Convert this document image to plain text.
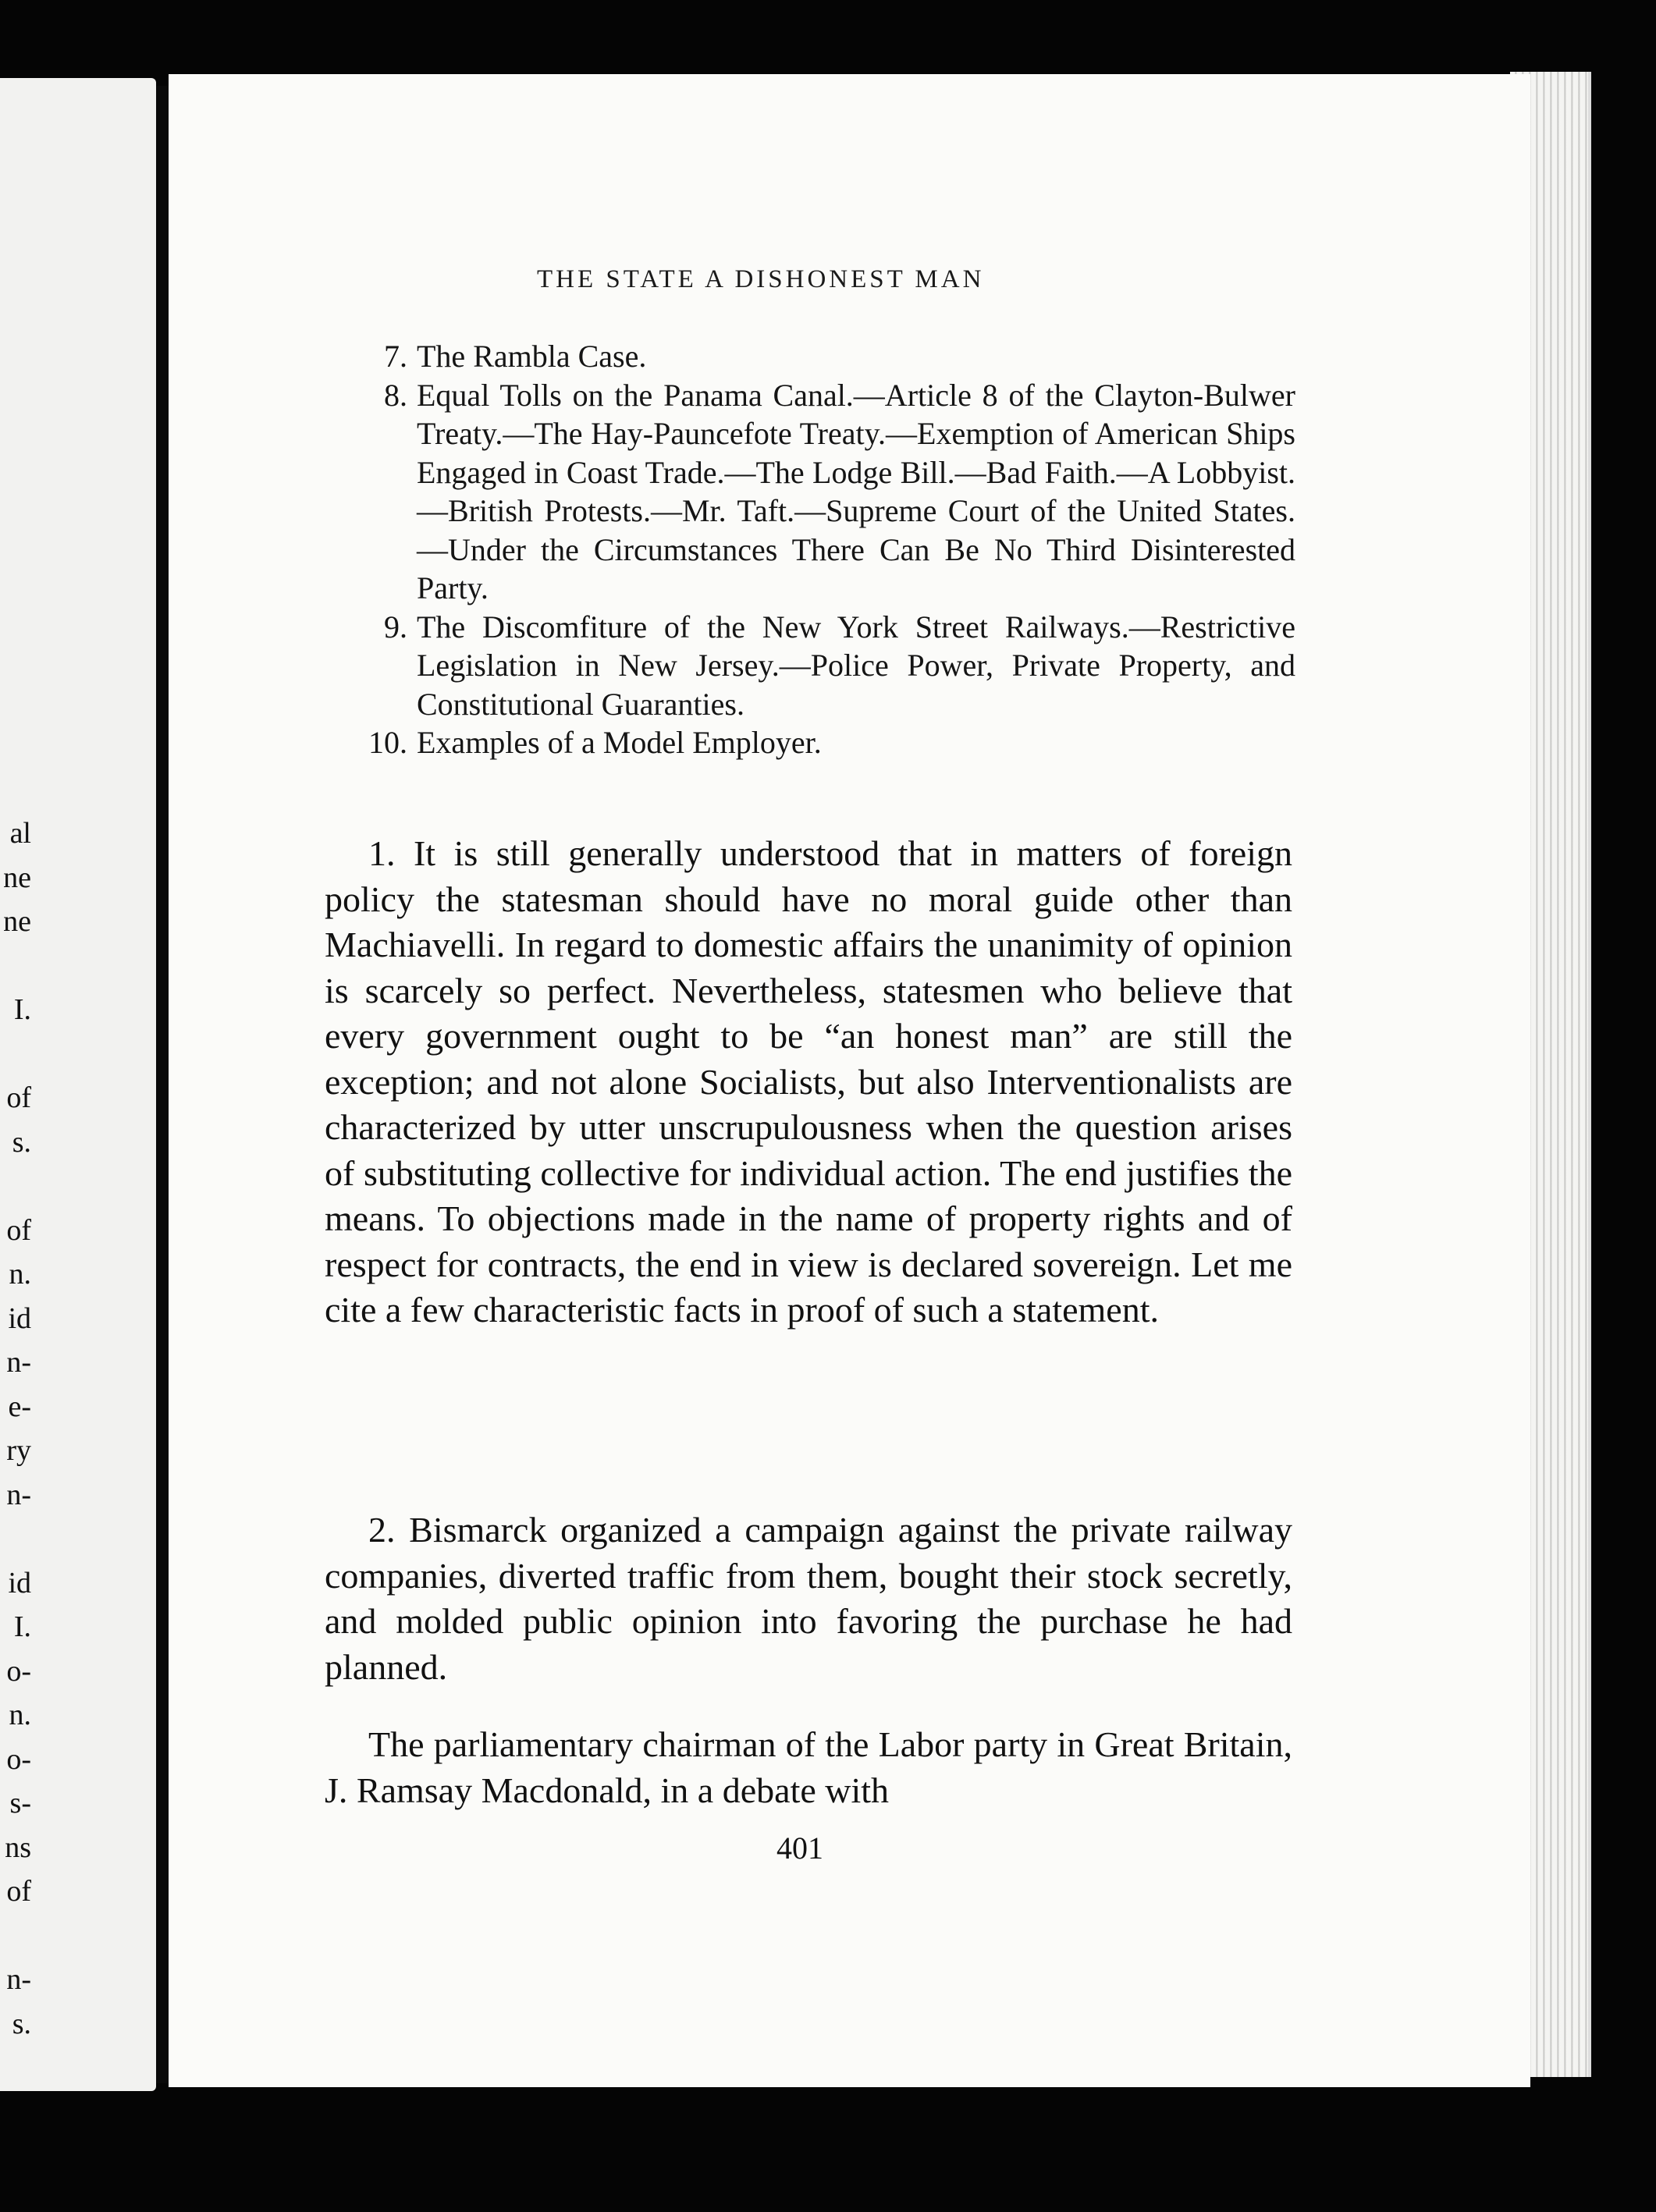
al
ne
ne
I.
of
s.
of
n.
id
n-
e-
ry
n-
id
I.
o-
n.
o-
s-
ns
of
n-
s.
THE STATE A DISHONEST MAN
7. The Rambla Case.
8. Equal Tolls on the Panama Canal.—Article 8 of the Clayton-Bulwer Treaty.—The Hay-Pauncefote Treaty.—Exemption of American Ships Engaged in Coast Trade.—The Lodge Bill.—Bad Faith.—A Lobbyist.—British Protests.—Mr. Taft.—Supreme Court of the United States.—Under the Circumstances There Can Be No Third Disinterested Party.
9. The Discomfiture of the New York Street Railways.—Restrictive Legislation in New Jersey.—Police Power, Private Property, and Constitutional Guaranties.
10. Examples of a Model Employer.

1. It is still generally understood that in matters of foreign policy the statesman should have no moral guide other than Machiavelli. In regard to domestic affairs the unanimity of opinion is scarcely so perfect. Nevertheless, statesmen who believe that every government ought to be “an honest man” are still the exception; and not alone Socialists, but also Interventionalists are characterized by utter unscrupulousness when the question arises of substituting collective for individual action. The end justifies the means. To objections made in the name of property rights and of respect for contracts, the end in view is declared sovereign. Let me cite a few characteristic facts in proof of such a statement.

2. Bismarck organized a campaign against the private railway companies, diverted traffic from them, bought their stock secretly, and molded public opinion into favoring the purchase he had planned.

The parliamentary chairman of the Labor party in Great Britain, J. Ramsay Macdonald, in a debate with

401
